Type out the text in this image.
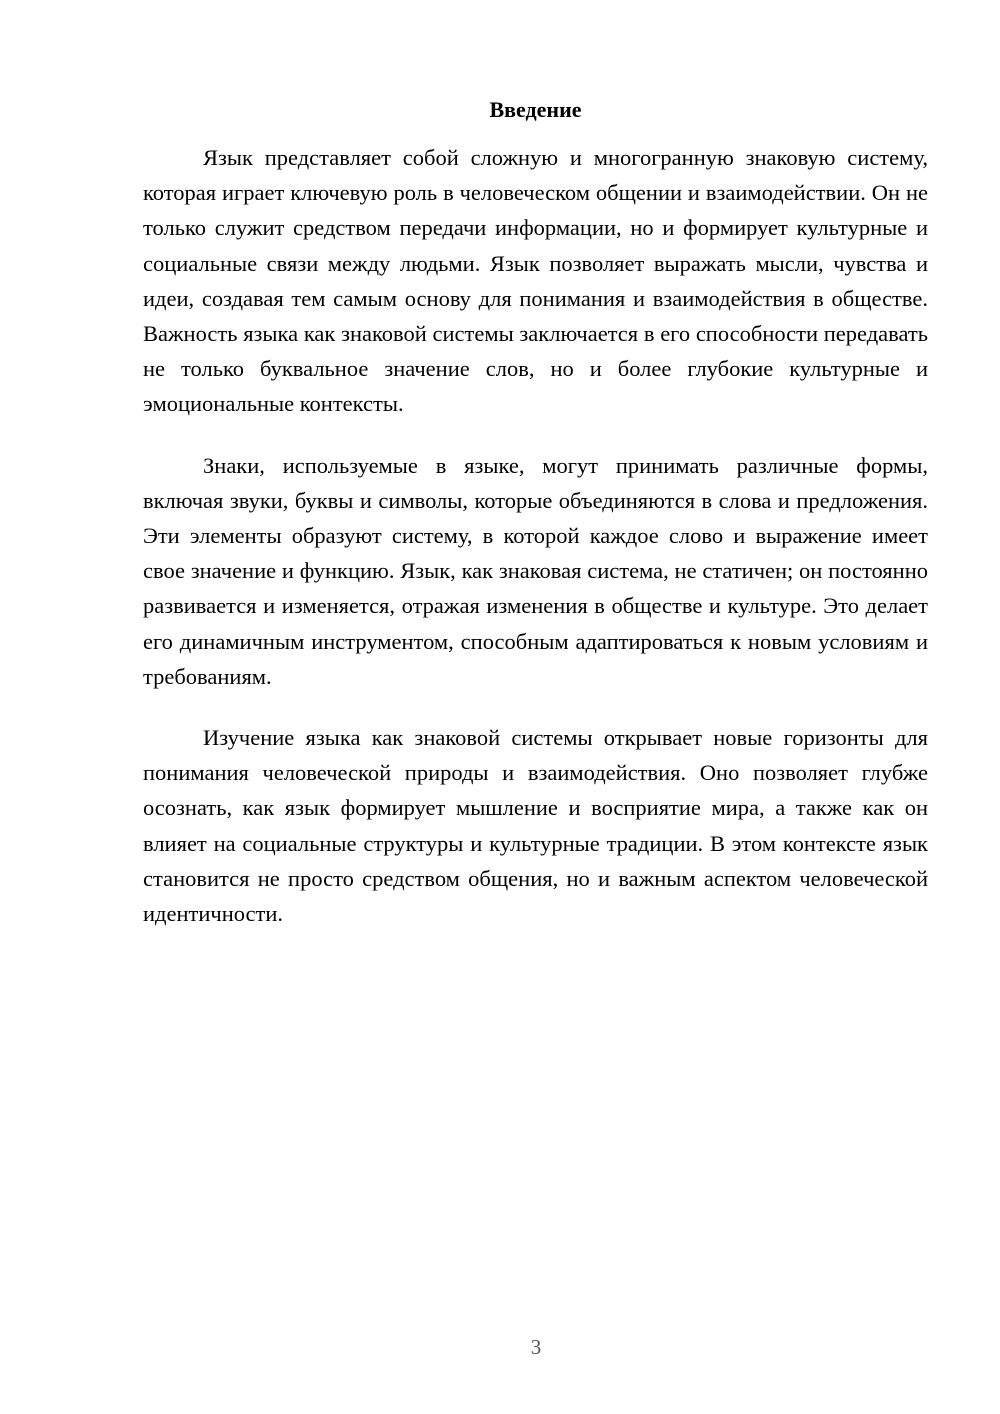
Введение

Язык представляет собой сложную и многогранную знаковую систему, которая играет ключевую роль в человеческом общении и взаимодействии. Он не только служит средством передачи информации, но и формирует культурные и социальные связи между людьми. Язык позволяет выражать мысли, чувства и идеи, создавая тем самым основу для понимания и взаимодействия в обществе. Важность языка как знаковой системы заключается в его способности передавать не только буквальное значение слов, но и более глубокие культурные и эмоциональные контексты.

Знаки, используемые в языке, могут принимать различные формы, включая звуки, буквы и символы, которые объединяются в слова и предложения. Эти элементы образуют систему, в которой каждое слово и выражение имеет свое значение и функцию. Язык, как знаковая система, не статичен; он постоянно развивается и изменяется, отражая изменения в обществе и культуре. Это делает его динамичным инструментом, способным адаптироваться к новым условиям и требованиям.

Изучение языка как знаковой системы открывает новые горизонты для понимания человеческой природы и взаимодействия. Оно позволяет глубже осознать, как язык формирует мышление и восприятие мира, а также как он влияет на социальные структуры и культурные традиции. В этом контексте язык становится не просто средством общения, но и важным аспектом человеческой идентичности.

3
